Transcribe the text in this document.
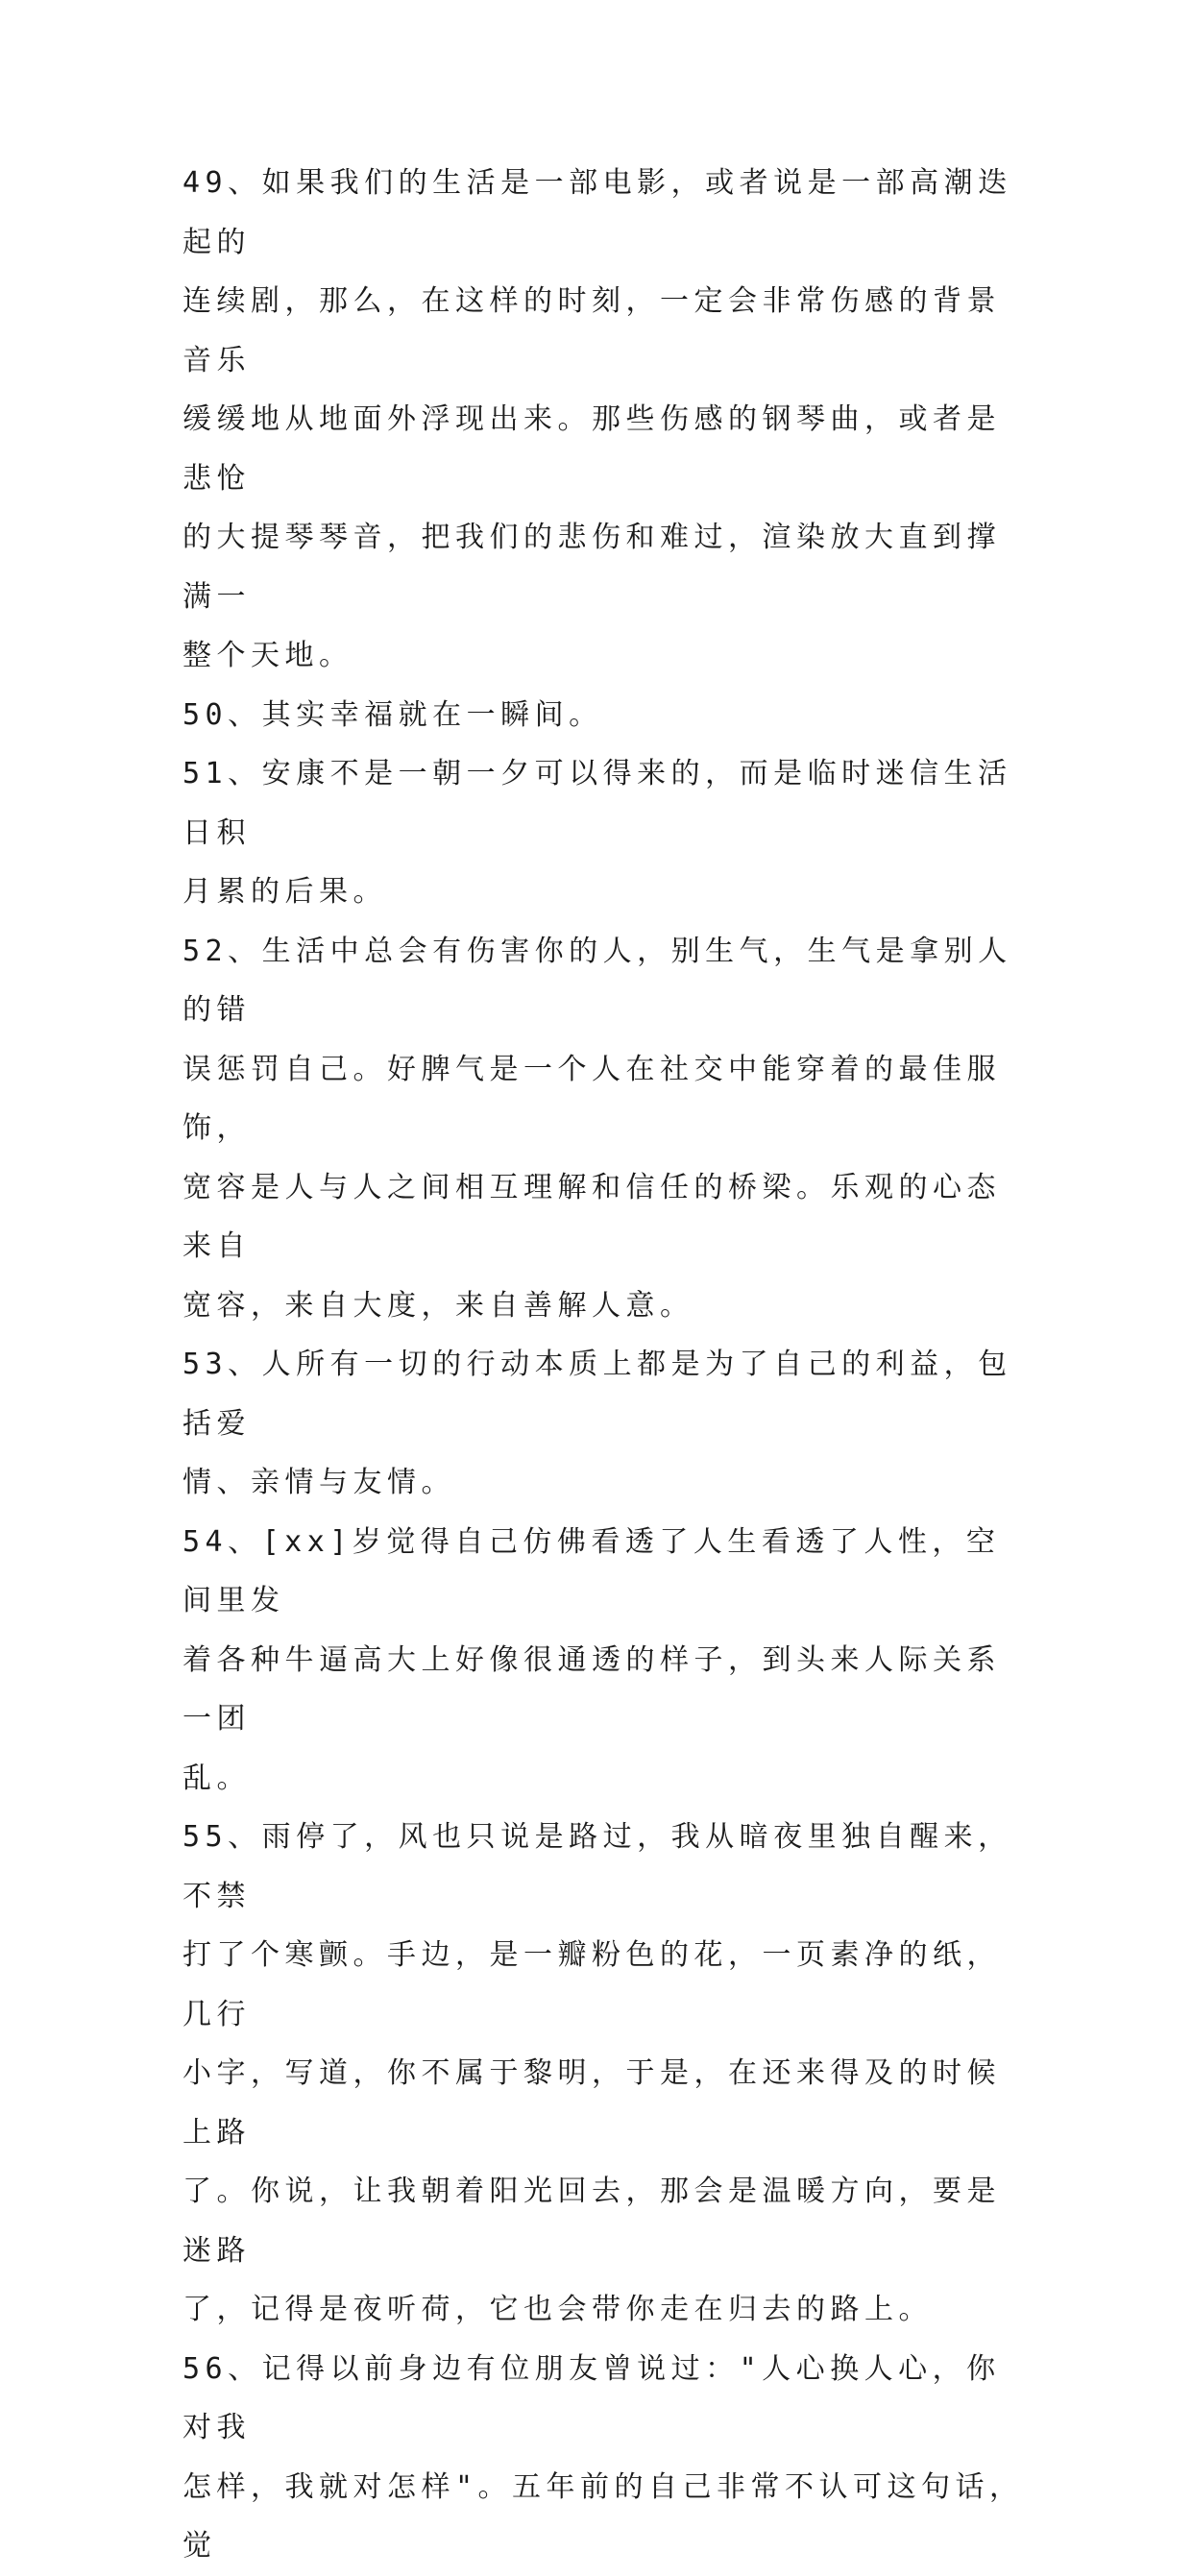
49、如果我们的生活是一部电影，或者说是一部高潮迭起的
连续剧，那么，在这样的时刻，一定会非常伤感的背景音乐
缓缓地从地面外浮现出来。那些伤感的钢琴曲，或者是悲怆
的大提琴琴音，把我们的悲伤和难过，渲染放大直到撑满一
整个天地。

50、其实幸福就在一瞬间。

51、安康不是一朝一夕可以得来的，而是临时迷信生活日积
月累的后果。

52、生活中总会有伤害你的人，别生气，生气是拿别人的错
误惩罚自己。好脾气是一个人在社交中能穿着的最佳服饰，
宽容是人与人之间相互理解和信任的桥梁。乐观的心态来自
宽容，来自大度，来自善解人意。

53、人所有一切的行动本质上都是为了自己的利益，包括爱
情、亲情与友情。

54、[xx]岁觉得自己仿佛看透了人生看透了人性，空间里发
着各种牛逼高大上好像很通透的样子，到头来人际关系一团
乱。

55、雨停了，风也只说是路过，我从暗夜里独自醒来，不禁
打了个寒颤。手边，是一瓣粉色的花，一页素净的纸，几行
小字，写道，你不属于黎明，于是，在还来得及的时候上路
了。你说，让我朝着阳光回去，那会是温暖方向，要是迷路
了，记得是夜听荷，它也会带你走在归去的路上。

56、记得以前身边有位朋友曾说过："人心换人心，你对我
怎样，我就对怎样"。五年前的自己非常不认可这句话，觉
